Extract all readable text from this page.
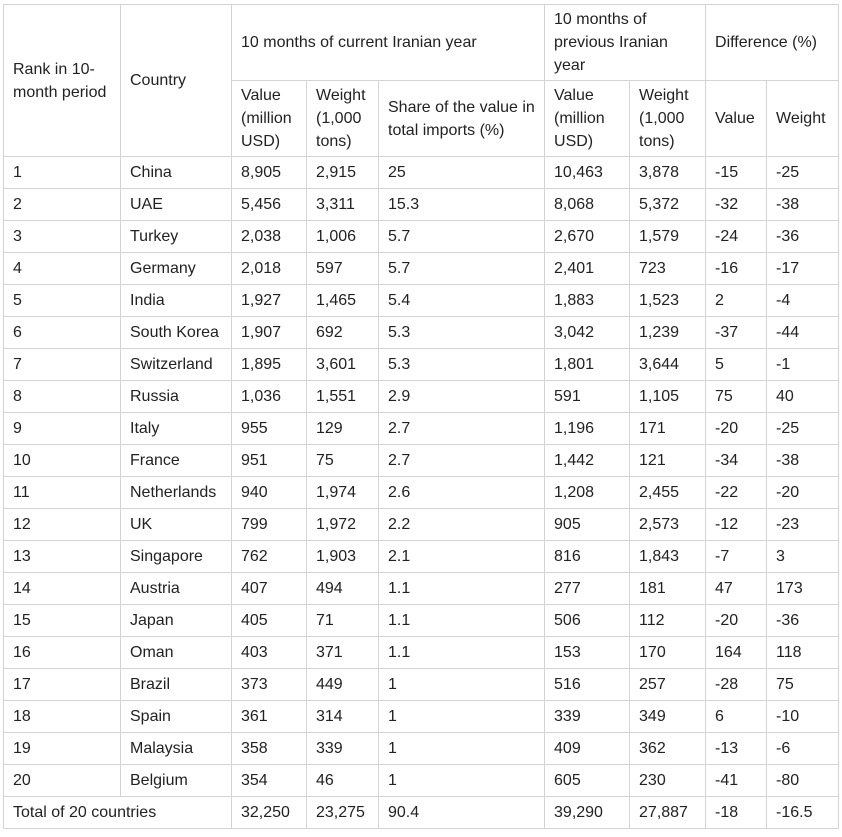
Rank in 10-month period	Country	10 months of current Iranian year			10 months of previous Iranian year		Difference (%)	
		Value (million USD)	Weight (1,000 tons)	Share of the value in total imports (%)	Value (million USD)	Weight (1,000 tons)	Value	Weight
1	China	8,905	2,915	25	10,463	3,878	-15	-25
2	UAE	5,456	3,311	15.3	8,068	5,372	-32	-38
3	Turkey	2,038	1,006	5.7	2,670	1,579	-24	-36
4	Germany	2,018	597	5.7	2,401	723	-16	-17
5	India	1,927	1,465	5.4	1,883	1,523	2	-4
6	South Korea	1,907	692	5.3	3,042	1,239	-37	-44
7	Switzerland	1,895	3,601	5.3	1,801	3,644	5	-1
8	Russia	1,036	1,551	2.9	591	1,105	75	40
9	Italy	955	129	2.7	1,196	171	-20	-25
10	France	951	75	2.7	1,442	121	-34	-38
11	Netherlands	940	1,974	2.6	1,208	2,455	-22	-20
12	UK	799	1,972	2.2	905	2,573	-12	-23
13	Singapore	762	1,903	2.1	816	1,843	-7	3
14	Austria	407	494	1.1	277	181	47	173
15	Japan	405	71	1.1	506	112	-20	-36
16	Oman	403	371	1.1	153	170	164	118
17	Brazil	373	449	1	516	257	-28	75
18	Spain	361	314	1	339	349	6	-10
19	Malaysia	358	339	1	409	362	-13	-6
20	Belgium	354	46	1	605	230	-41	-80
Total of 20 countries		32,250	23,275	90.4	39,290	27,887	-18	-16.5
